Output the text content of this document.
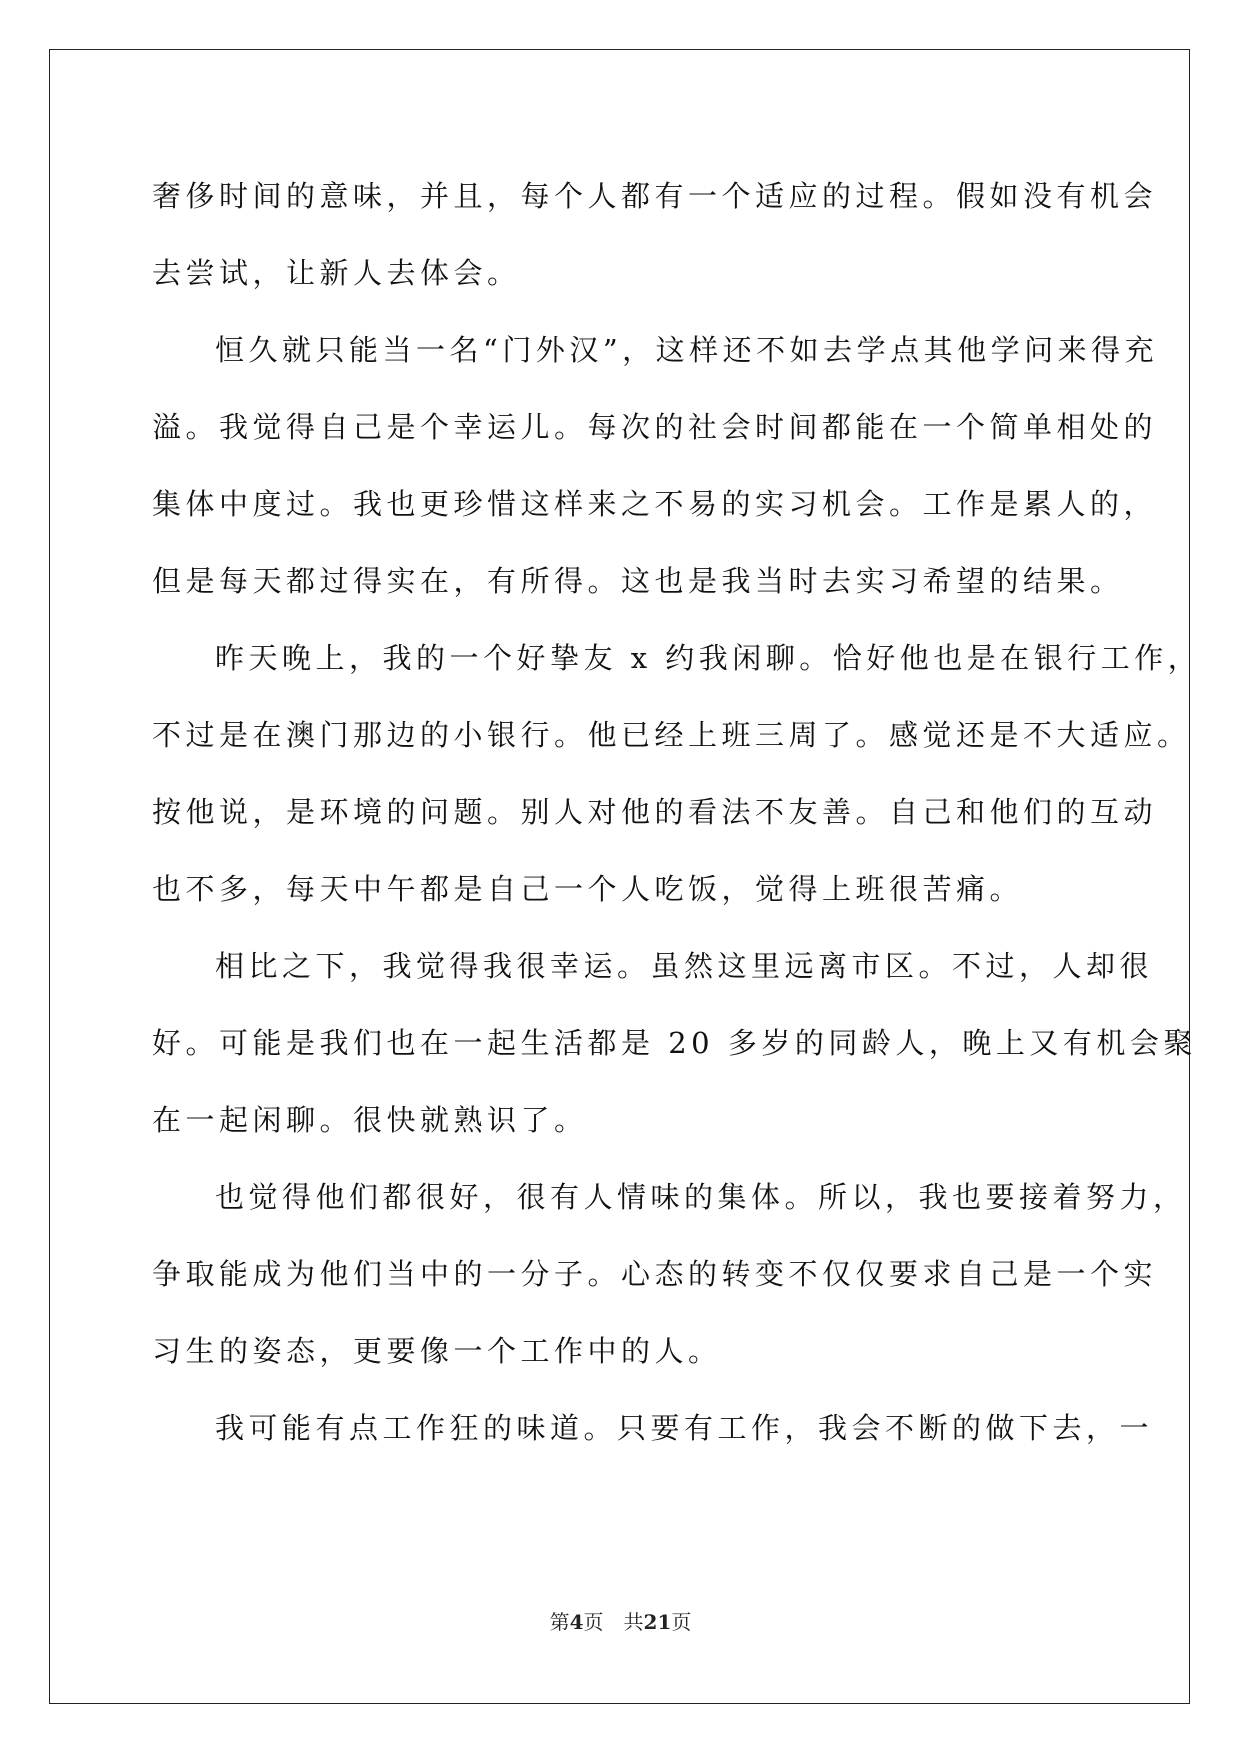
奢侈时间的意味，并且，每个人都有一个适应的过程。假如没有机会
去尝试，让新人去体会。
恒久就只能当一名“门外汉”，这样还不如去学点其他学问来得充
溢。我觉得自己是个幸运儿。每次的社会时间都能在一个简单相处的
集体中度过。我也更珍惜这样来之不易的实习机会。工作是累人的，
但是每天都过得实在，有所得。这也是我当时去实习希望的结果。
昨天晚上，我的一个好挚友 x 约我闲聊。恰好他也是在银行工作，
不过是在澳门那边的小银行。他已经上班三周了。感觉还是不大适应。
按他说，是环境的问题。别人对他的看法不友善。自己和他们的互动
也不多，每天中午都是自己一个人吃饭，觉得上班很苦痛。
相比之下，我觉得我很幸运。虽然这里远离市区。不过，人却很
好。可能是我们也在一起生活都是 20 多岁的同龄人，晚上又有机会聚
在一起闲聊。很快就熟识了。
也觉得他们都很好，很有人情味的集体。所以，我也要接着努力，
争取能成为他们当中的一分子。心态的转变不仅仅要求自己是一个实
习生的姿态，更要像一个工作中的人。
我可能有点工作狂的味道。只要有工作，我会不断的做下去，一
第4页 共21页
